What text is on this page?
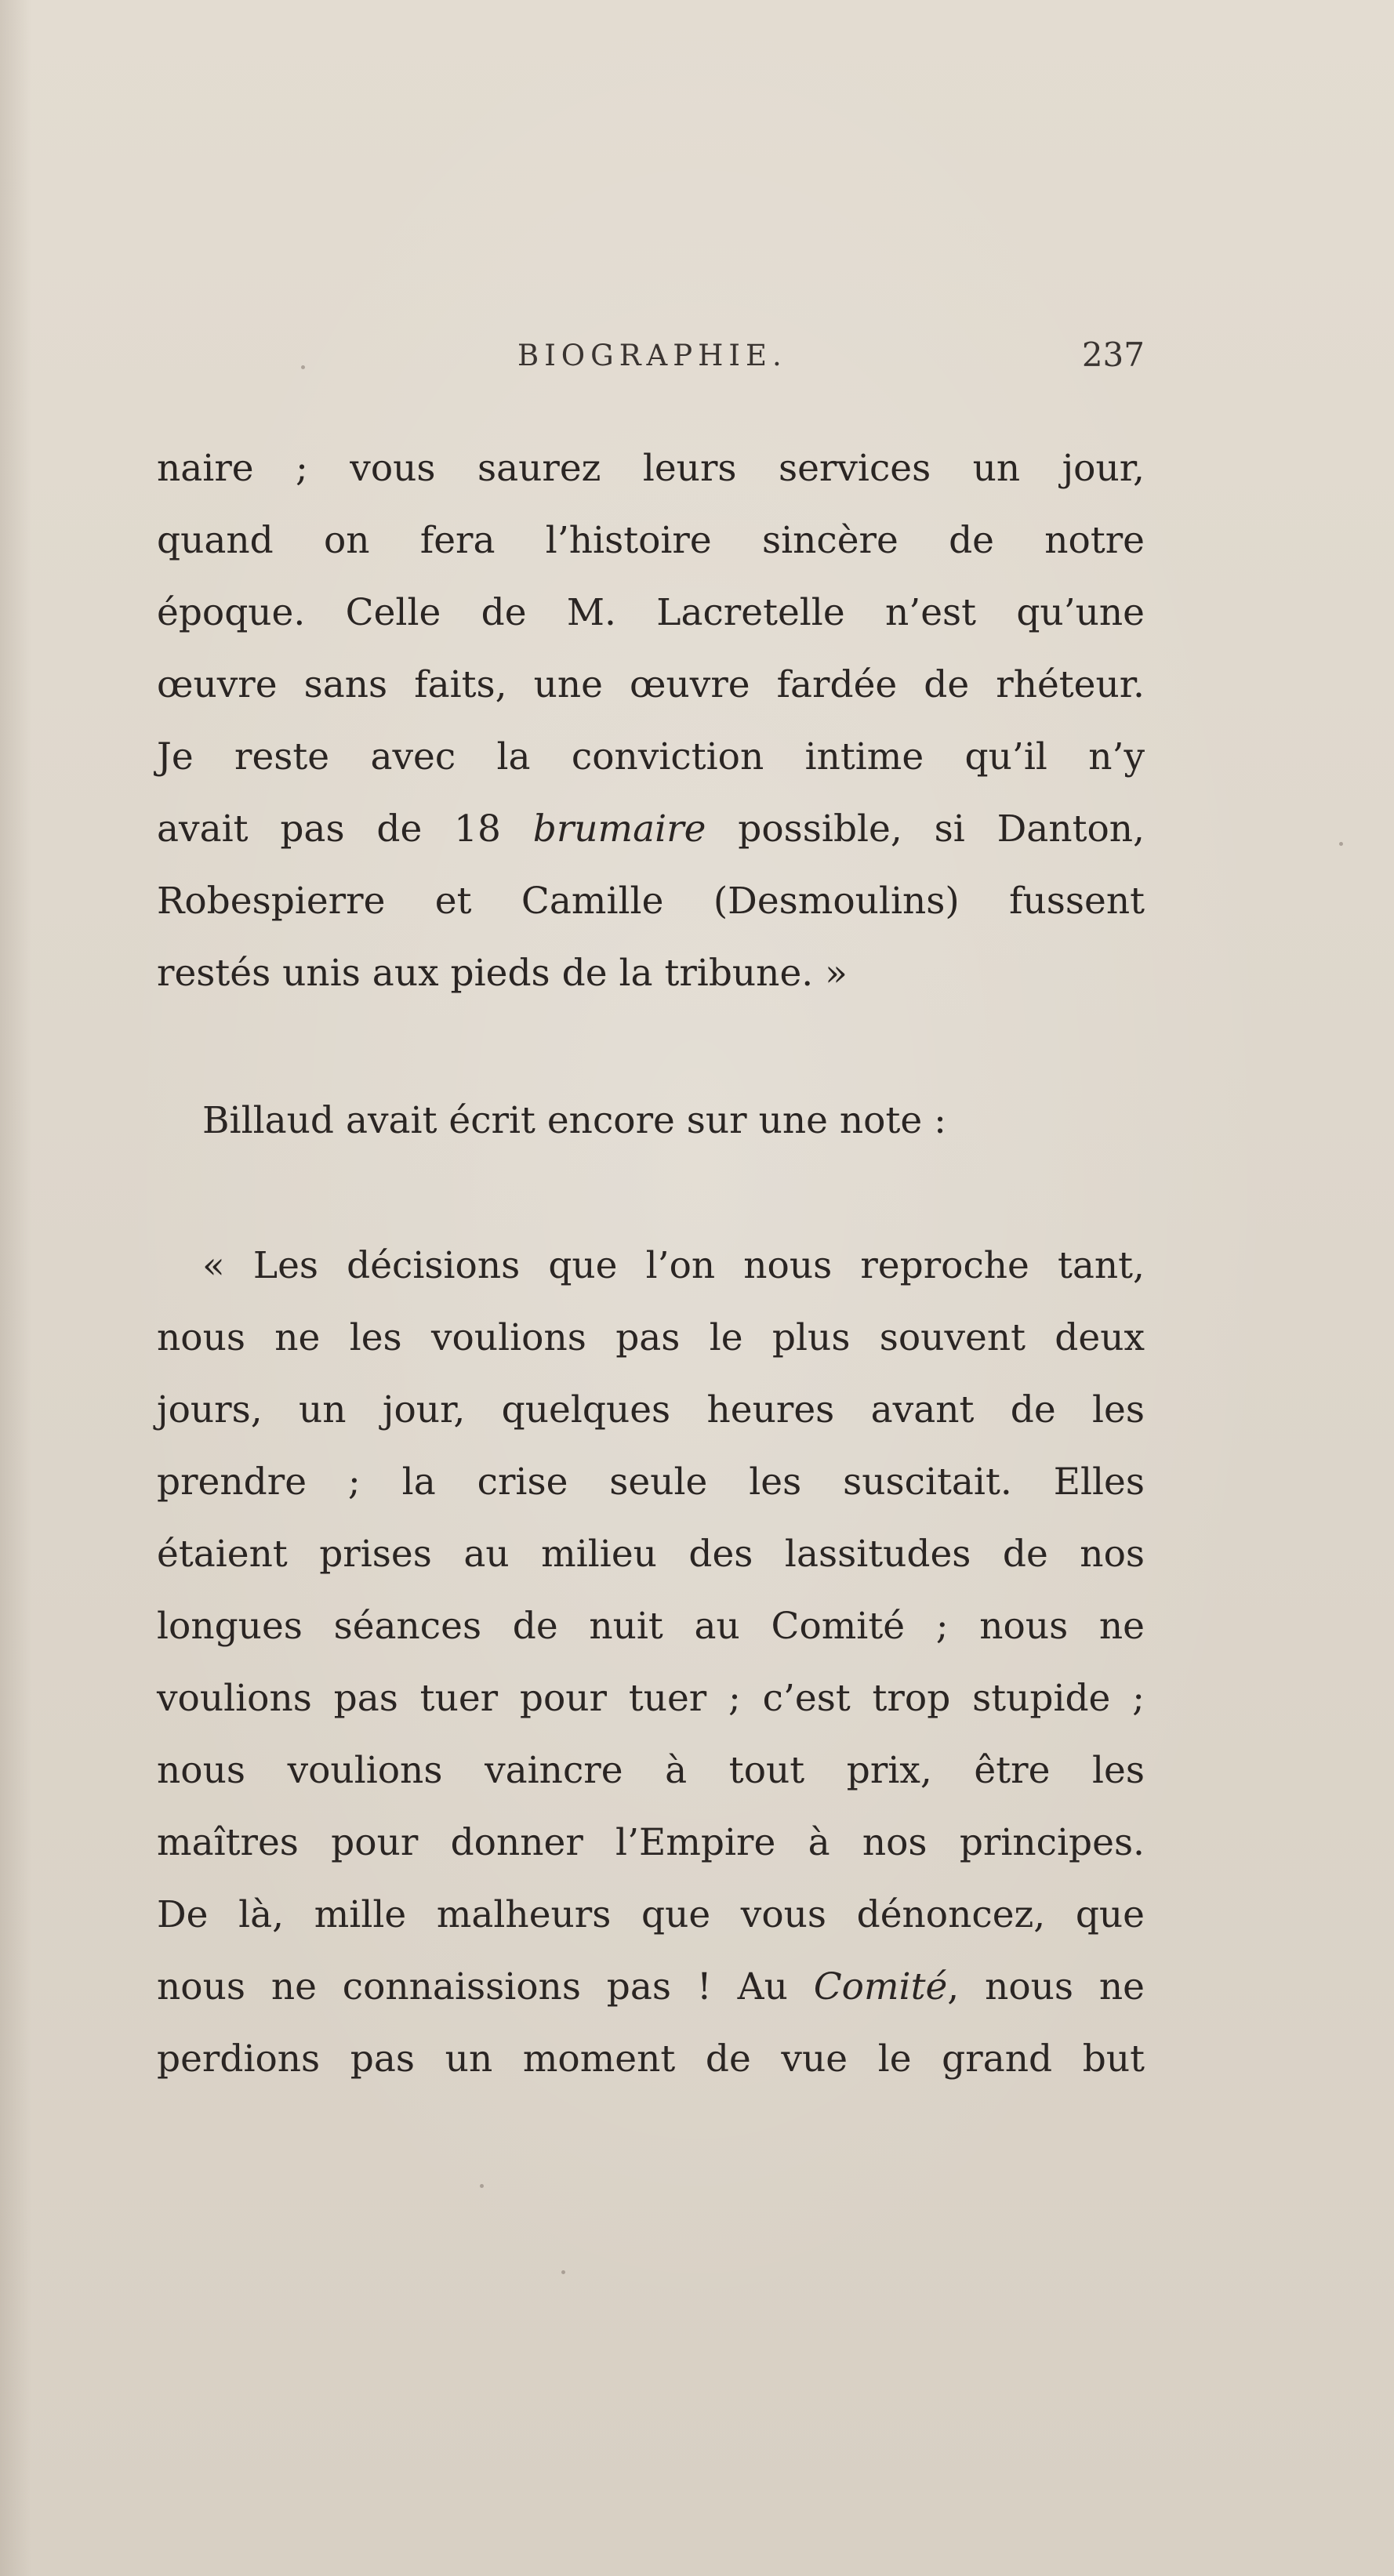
BIOGRAPHIE.	237
naire ; vous saurez leurs services un jour,
quand on fera l’histoire sincère de notre
époque. Celle de M. Lacretelle n’est qu’une
œuvre sans faits, une œuvre fardée de rhéteur.
Je reste avec la conviction intime qu’il n’y
avait pas de 18 brumaire possible, si Danton,
Robespierre et Camille (Desmoulins) fussent
restés unis aux pieds de la tribune. »
Billaud avait écrit encore sur une note :
« Les décisions que l’on nous reproche tant,
nous ne les voulions pas le plus souvent deux
jours, un jour, quelques heures avant de les
prendre ; la crise seule les suscitait. Elles
étaient prises au milieu des lassitudes de nos
longues séances de nuit au Comité ; nous ne
voulions pas tuer pour tuer ; c’est trop stupide ;
nous voulions vaincre à tout prix, être les
maîtres pour donner l’Empire à nos principes.
De là, mille malheurs que vous dénoncez, que
nous ne connaissions pas ! Au Comité, nous ne
perdions pas un moment de vue le grand but
